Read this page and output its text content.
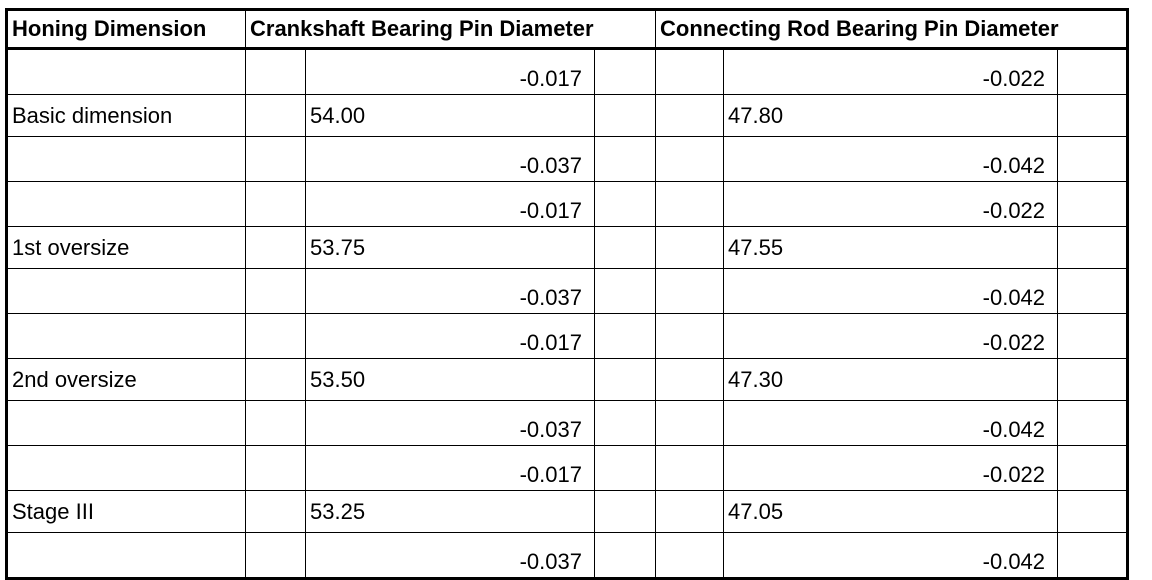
Honing Dimension	Crankshaft Bearing Pin Diameter			Connecting Rod Bearing Pin Diameter		
		-0.017			-0.022	
Basic dimension		54.00			47.80	
		-0.037			-0.042	
		-0.017			-0.022	
1st oversize		53.75			47.55	
		-0.037			-0.042	
		-0.017			-0.022	
2nd oversize		53.50			47.30	
		-0.037			-0.042	
		-0.017			-0.022	
Stage III		53.25			47.05	
		-0.037			-0.042	
